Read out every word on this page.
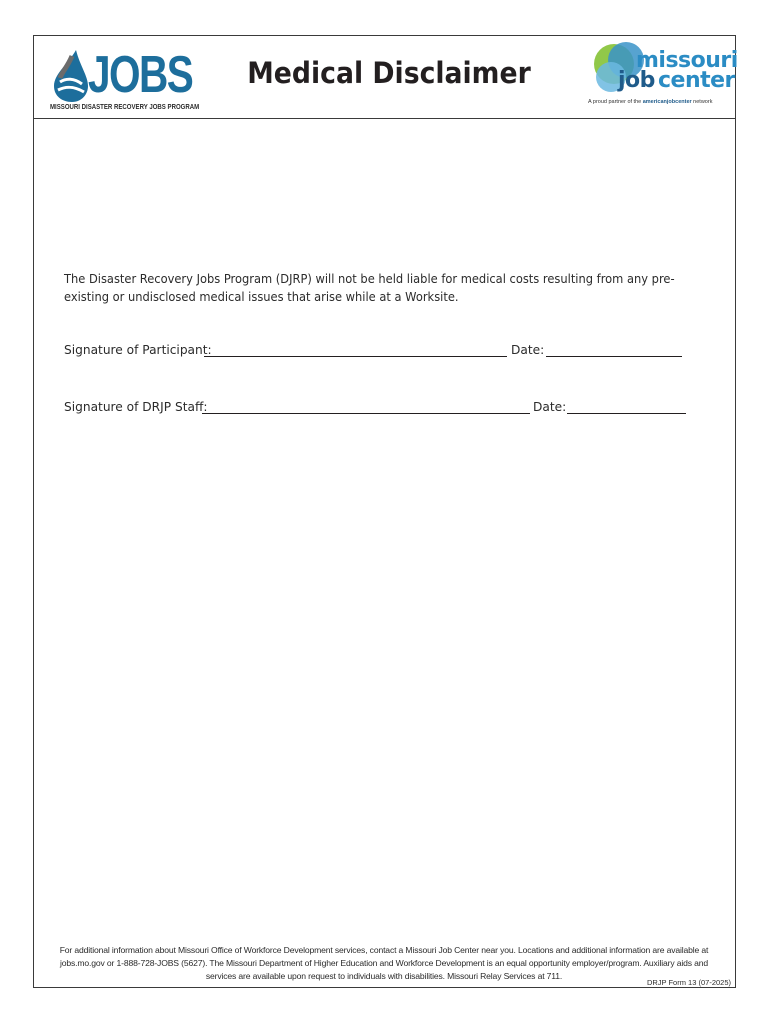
JOBS
MISSOURI DISASTER RECOVERY JOBS PROGRAM
Medical Disclaimer	missouri
job center
A proud partner of the americanjobcenter network
The Disaster Recovery Jobs Program (DJRP) will not be held liable for medical costs resulting from any pre-existing or undisclosed medical issues that arise while at a Worksite.
Signature of Participant:	Date:
Signature of DRJP Staff:	Date:
For additional information about Missouri Office of Workforce Development services, contact a Missouri Job Center near you. Locations and additional information are available at jobs.mo.gov or 1-888-728-JOBS (5627). The Missouri Department of Higher Education and Workforce Development is an equal opportunity employer/program. Auxiliary aids and services are available upon request to individuals with disabilities. Missouri Relay Services at 711.
DRJP Form 13 (07-2025)
